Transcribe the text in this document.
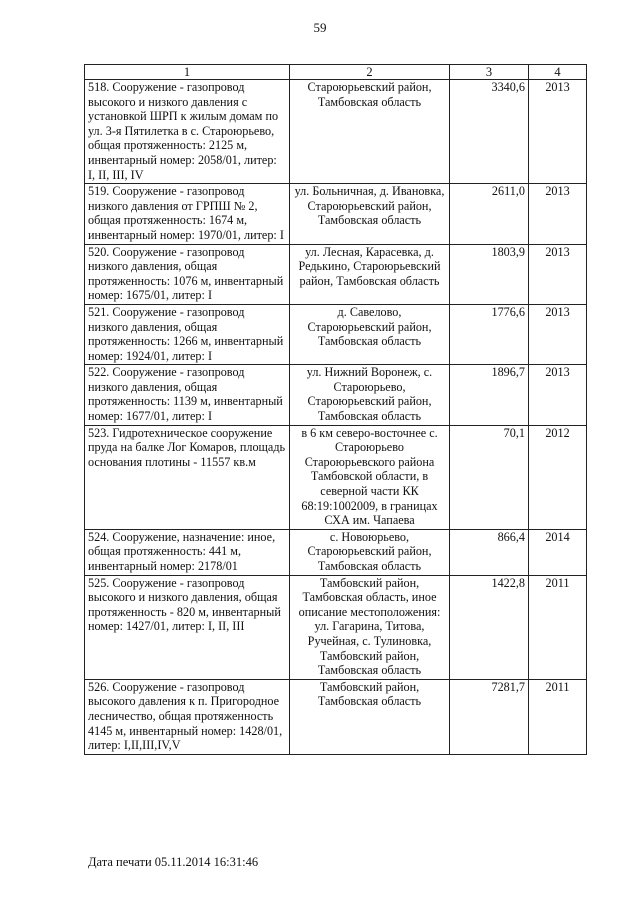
59
1	2	3	4
518. Сооружение - газопровод высокого и низкого давления с установкой ШРП к жилым домам по ул. 3-я Пятилетка в с. Староюрьево, общая протяженность: 2125 м, инвентарный номер: 2058/01, литер: I, II, III, IV	Староюрьевский район, Тамбовская область	3340,6	2013
519. Сооружение - газопровод низкого давления от ГРПШ № 2, общая протяженность: 1674 м, инвентарный номер: 1970/01, литер: I	ул. Больничная, д. Ивановка, Староюрьевский район, Тамбовская область	2611,0	2013
520. Сооружение - газопровод низкого давления, общая протяженность: 1076 м, инвентарный номер: 1675/01, литер: I	ул. Лесная, Карасевка, д. Редькино, Староюрьевский район, Тамбовская область	1803,9	2013
521. Сооружение - газопровод низкого давления, общая протяженность: 1266 м, инвентарный номер: 1924/01, литер: I	д. Савелово, Староюрьевский район, Тамбовская область	1776,6	2013
522. Сооружение - газопровод низкого давления, общая протяженность: 1139 м, инвентарный номер: 1677/01, литер: I	ул. Нижний Воронеж, с. Староюрьево, Староюрьевский район, Тамбовская область	1896,7	2013
523. Гидротехническое сооружение пруда на балке Лог Комаров, площадь основания плотины - 11557 кв.м	в 6 км северо-восточнее с. Староюрьево Староюрьевского района Тамбовской области, в северной части КК 68:19:1002009, в границах СХА им. Чапаева	70,1	2012
524. Сооружение, назначение: иное, общая протяженность: 441 м, инвентарный номер: 2178/01	с. Новоюрьево, Староюрьевский район, Тамбовская область	866,4	2014
525. Сооружение - газопровод высокого и низкого давления, общая протяженность - 820 м, инвентарный номер: 1427/01, литер: I, II, III	Тамбовский район, Тамбовская область, иное описание местоположения: ул. Гагарина, Титова, Ручейная, с. Тулиновка, Тамбовский район, Тамбовская область	1422,8	2011
526. Сооружение - газопровод высокого давления к п. Пригородное лесничество, общая протяженность 4145 м, инвентарный номер: 1428/01, литер: I,II,III,IV,V	Тамбовский район, Тамбовская область	7281,7	2011
Дата печати 05.11.2014 16:31:46
